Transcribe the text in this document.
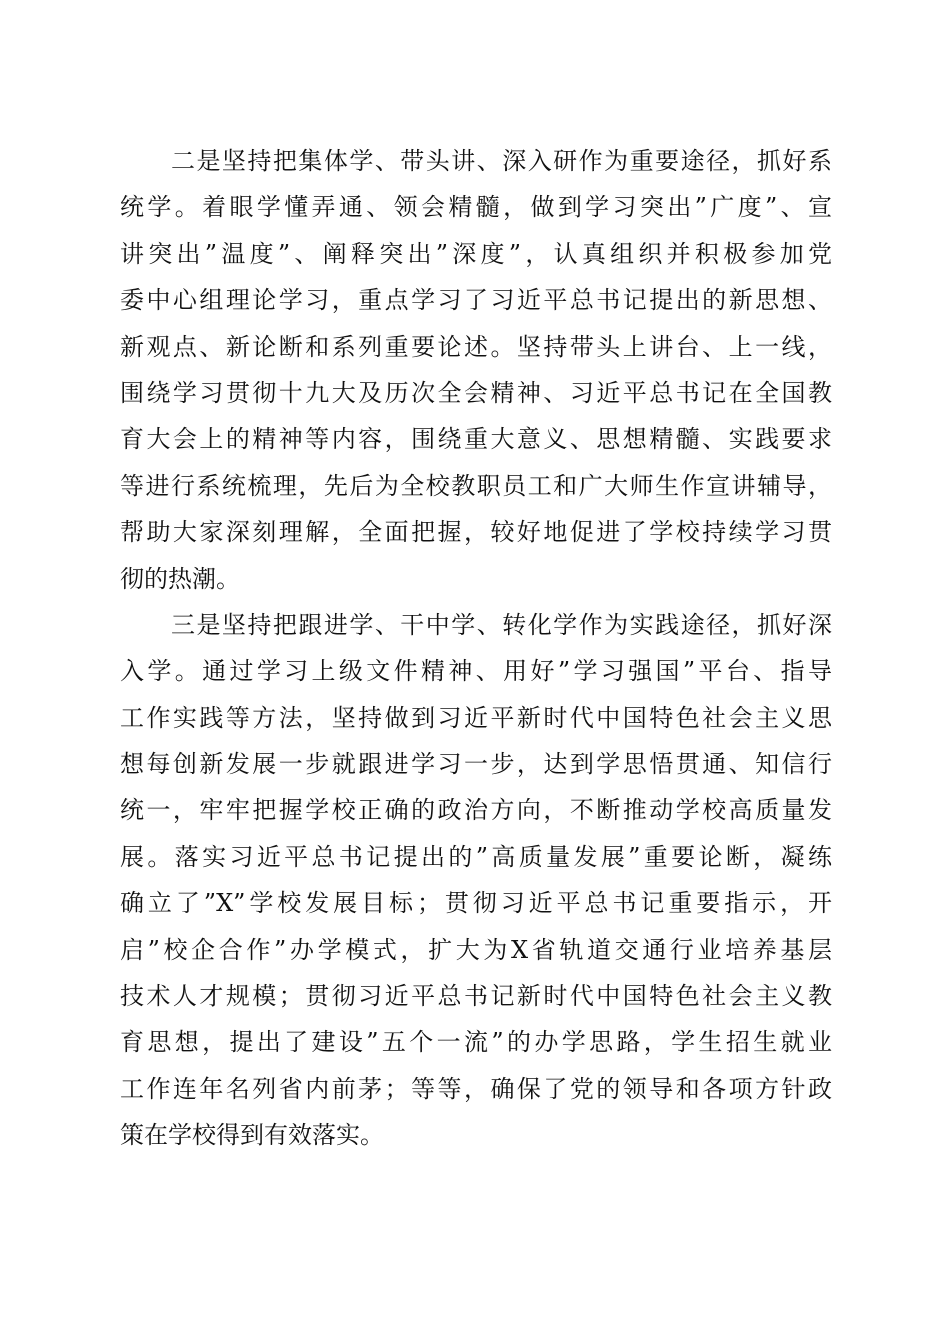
　　二是坚持把集体学、带头讲、深入研作为重要途径，抓好系
统学。着眼学懂弄通、领会精髓，做到学习突出”广度”、宣
讲突出”温度”、阐释突出”深度”，认真组织并积极参加党
委中心组理论学习，重点学习了习近平总书记提出的新思想、
新观点、新论断和系列重要论述。坚持带头上讲台、上一线，
围绕学习贯彻十九大及历次全会精神、习近平总书记在全国教
育大会上的精神等内容，围绕重大意义、思想精髓、实践要求
等进行系统梳理，先后为全校教职员工和广大师生作宣讲辅导，
帮助大家深刻理解，全面把握，较好地促进了学校持续学习贯
彻的热潮。
　　三是坚持把跟进学、干中学、转化学作为实践途径，抓好深
入学。通过学习上级文件精神、用好”学习强国”平台、指导
工作实践等方法，坚持做到习近平新时代中国特色社会主义思
想每创新发展一步就跟进学习一步，达到学思悟贯通、知信行
统一，牢牢把握学校正确的政治方向，不断推动学校高质量发
展。落实习近平总书记提出的”高质量发展”重要论断，凝练
确立了”X”学校发展目标；贯彻习近平总书记重要指示，开
启”校企合作”办学模式，扩大为X省轨道交通行业培养基层
技术人才规模；贯彻习近平总书记新时代中国特色社会主义教
育思想，提出了建设”五个一流”的办学思路，学生招生就业
工作连年名列省内前茅；等等，确保了党的领导和各项方针政
策在学校得到有效落实。
